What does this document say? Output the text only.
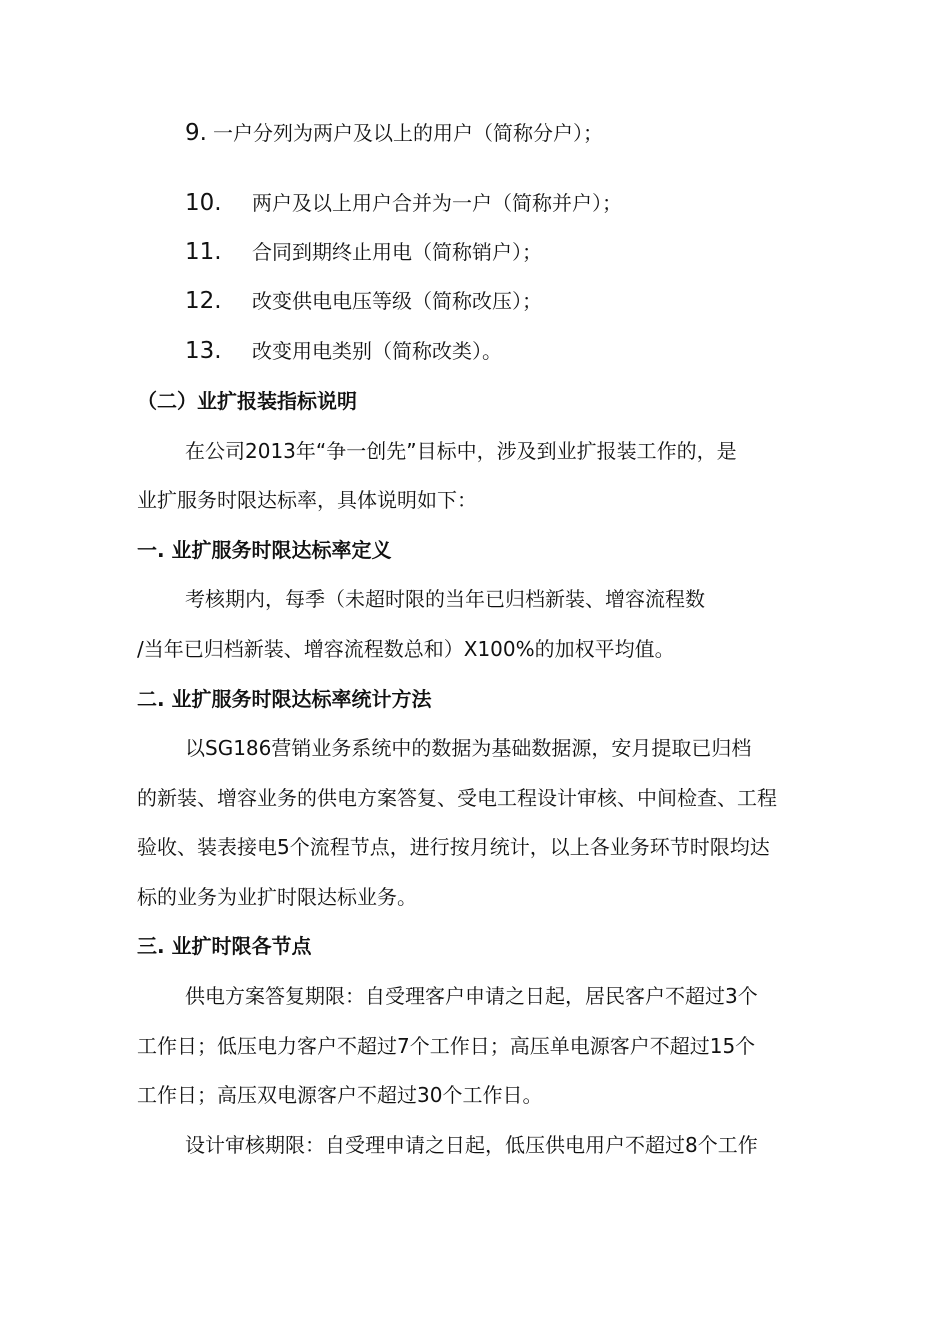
9. 一户分列为两户及以上的用户（简称分户）；
10. 两户及以上用户合并为一户（简称并户）；
11. 合同到期终止用电（简称销户）；
12. 改变供电电压等级（简称改压）；
13. 改变用电类别（简称改类）。
（二）业扩报装指标说明
在公司2013年“争一创先”目标中，涉及到业扩报装工作的，是
业扩服务时限达标率，具体说明如下：
一. 业扩服务时限达标率定义
考核期内，每季（未超时限的当年已归档新装、增容流程数
/当年已归档新装、增容流程数总和）X100%的加权平均值。
二. 业扩服务时限达标率统计方法
以SG186营销业务系统中的数据为基础数据源，安月提取已归档
的新装、增容业务的供电方案答复、受电工程设计审核、中间检查、工程
验收、装表接电5个流程节点，进行按月统计，以上各业务环节时限均达
标的业务为业扩时限达标业务。
三. 业扩时限各节点
供电方案答复期限：自受理客户申请之日起，居民客户不超过3个
工作日；低压电力客户不超过7个工作日；高压单电源客户不超过15个
工作日；高压双电源客户不超过30个工作日。
设计审核期限：自受理申请之日起，低压供电用户不超过8个工作
